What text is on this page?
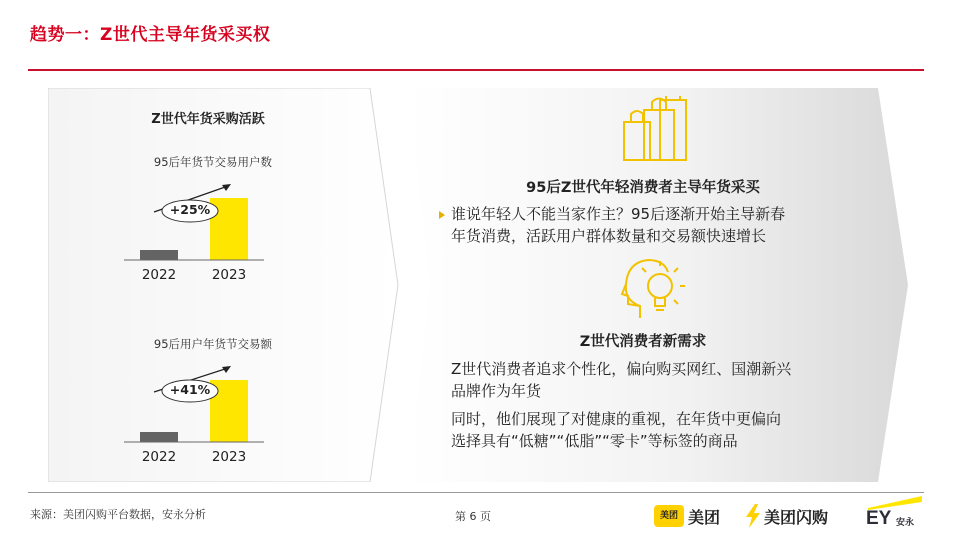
趋势一：Z世代主导年货采买权
Z世代年货采购活跃
95后年货节交易用户数
2022	2023
+25%
95后用户年货节交易额
2022	2023
+41%
95后Z世代年轻消费者主导年货采买
谁说年轻人不能当家作主？95后逐渐开始主导新春
年货消费，活跃用户群体数量和交易额快速增长
Z世代消费者新需求
Z世代消费者追求个性化，偏向购买网红、国潮新兴
品牌作为年货
同时，他们展现了对健康的重视，在年货中更偏向
选择具有“低糖”“低脂”“零卡”等标签的商品
来源：美团闪购平台数据，安永分析	第 6 页	美团 美团	美团闪购 EY 安永
